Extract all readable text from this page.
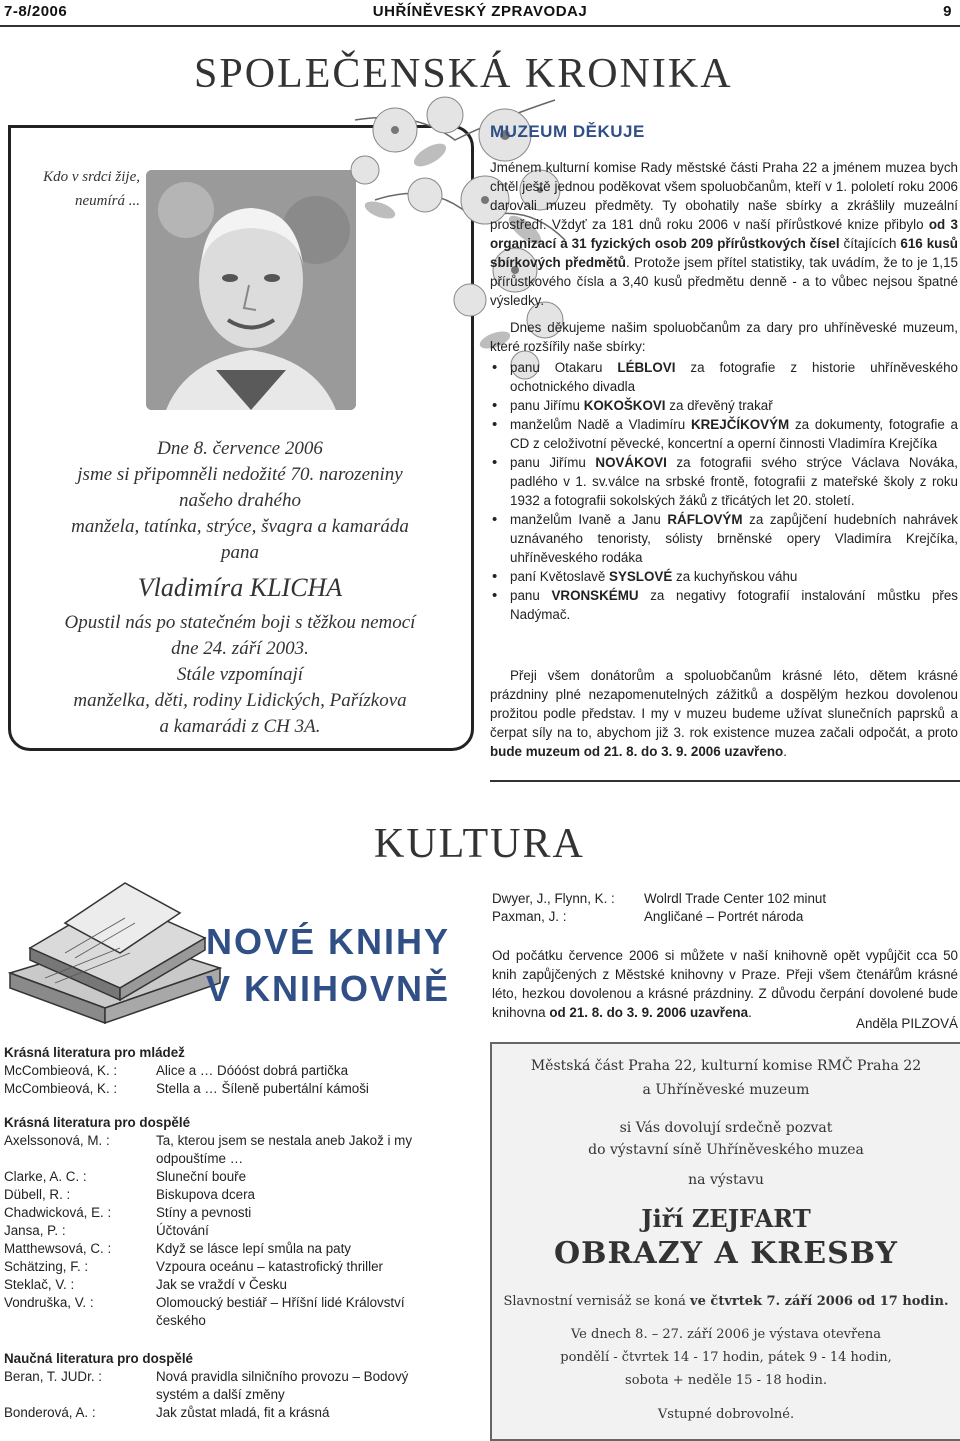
7-8/2006	UHŘÍNĚVESKÝ ZPRAVODAJ	9
SPOLEČENSKÁ KRONIKA
Kdo v srdci žije, neumírá ...
Dne 8. července 2006
jsme si připomněli nedožité 70. narozeniny
našeho drahého
manžela, tatínka, strýce, švagra a kamaráda
pana
Vladimíra KLICHA
Opustil nás po statečném boji s těžkou nemocí
dne 24. září 2003.
Stále vzpomínají
manželka, děti, rodiny Lidických, Pařízkova
a kamarádi z CH 3A.
MUZEUM DĚKUJE
Jménem kulturní komise Rady městské části Praha 22 a jménem muzea bych chtěl ještě jednou poděkovat všem spoluobčanům, kteří v 1. pololetí roku 2006 darovali muzeu předměty. Ty obohatily naše sbírky a zkrášlily muzeální prostředí. Vždyť za 181 dnů roku 2006 v naší přírůstkové knize přibylo od 3 organizací a 31 fyzických osob 209 přírůstkových čísel čítajících 616 kusů sbírkových předmětů. Protože jsem přítel statistiky, tak uvádím, že to je 1,15 přírůstkového čísla a 3,40 kusů předmětu denně - a to vůbec nejsou špatné výsledky.
Dnes děkujeme našim spoluobčanům za dary pro uhříněveské muzeum, které rozšířily naše sbírky:
• panu Otakaru LÉBLOVI za fotografie z historie uhříněveského ochotnického divadla
• panu Jiřímu KOKOŠKOVI za dřevěný trakař
• manželům Nadě a Vladimíru KREJČÍKOVÝM za dokumenty, fotografie a CD z celoživotní pěvecké, koncertní a operní činnosti Vladimíra Krejčíka
• panu Jiřímu NOVÁKOVI za fotografii svého strýce Václava Nováka, padlého v 1. sv.válce na srbské frontě, fotografii z mateřské školy z roku 1932 a fotografii sokolských žáků z třicátých let 20. století.
• manželům Ivaně a Janu RÁFLOVÝM za zapůjčení hudebních nahrávek uznávaného tenoristy, sólisty brněnské opery Vladimíra Krejčíka, uhříněveského rodáka
• paní Květoslavě SYSLOVÉ za kuchyňskou váhu
• panu VRONSKÉMU za negativy fotografií instalování můstku přes Nadýmač.
Přeji všem donátorům a spoluobčanům krásné léto, dětem krásné prázdniny plné nezapomenutelných zážitků a dospělým hezkou dovolenou prožitou podle představ. I my v muzeu budeme užívat slunečních paprsků a čerpat síly na to, abychom již 3. rok existence muzea začali odpočát, a proto bude muzeum od 21. 8. do 3. 9. 2006 uzavřeno.
KULTURA
NOVÉ KNIHY
V KNIHOVNĚ
Krásná literatura pro mládež
McCombieová, K. :	Alice a … Dóóóst dobrá partička
McCombieová, K. :	Stella a … Šíleně pubertální kámoši
Krásná literatura pro dospělé
Axelssonová, M. :	Ta, kterou jsem se nestala aneb Jakož i my odpouštíme …
Clarke, A. C. :	Sluneční bouře
Dübell, R. :	Biskupova dcera
Chadwicková, E. :	Stíny a pevnosti
Jansa, P. :	Účtování
Matthewsová, C. :	Když se lásce lepí smůla na paty
Schätzing, F. :	Vzpoura oceánu – katastrofický thriller
Steklač, V. :	Jak se vraždí v Česku
Vondruška, V. :	Olomoucký bestiář – Hříšní lidé Království českého
Naučná literatura pro dospělé
Beran, T. JUDr. :	Nová pravidla silničního provozu – Bodový systém a další změny
Bonderová, A. :	Jak zůstat mladá, fit a krásná
Dwyer, J., Flynn, K. :	Wolrdl Trade Center 102 minut
Paxman, J. :	Angličané – Portrét národa
Od počátku července 2006 si můžete v naší knihovně opět vypůjčit cca 50 knih zapůjčených z Městské knihovny v Praze. Přeji všem čtenářům krásné léto, hezkou dovolenou a krásné prázdniny. Z důvodu čerpání dovolené bude knihovna od 21. 8. do 3. 9. 2006 uzavřena.
Anděla PILZOVÁ
Městská část Praha 22, kulturní komise RMČ Praha 22
a Uhříněveské muzeum
si Vás dovolují srdečně pozvat
do výstavní síně Uhříněveského muzea
na výstavu
Jiří ZEJFART
OBRAZY A KRESBY
Slavnostní vernisáž se koná ve čtvrtek 7. září 2006 od 17 hodin.
Ve dnech 8. – 27. září 2006 je výstava otevřena
pondělí - čtvrtek 14 - 17 hodin, pátek 9 - 14 hodin,
sobota + neděle 15 - 18 hodin.
Vstupné dobrovolné.
